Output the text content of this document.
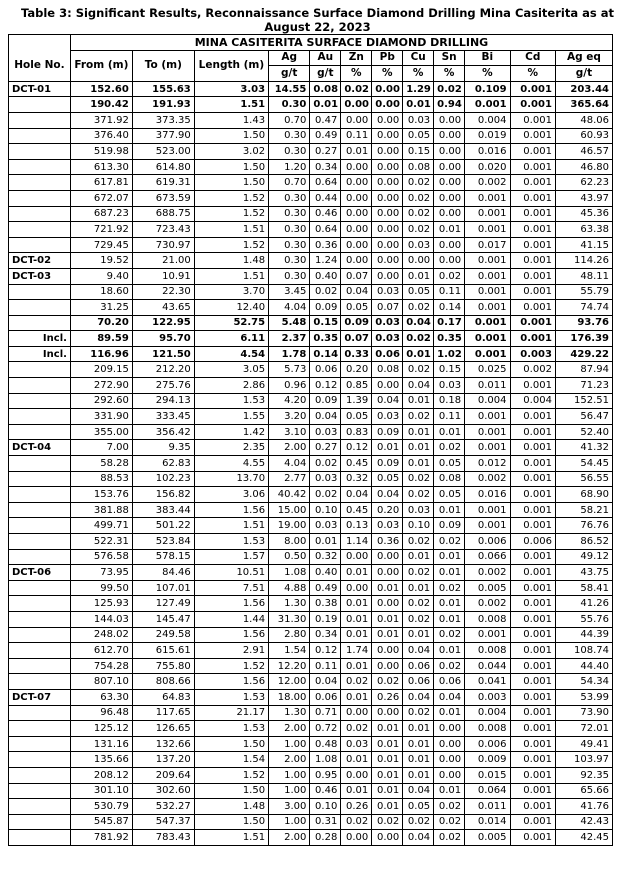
Table 3: Significant Results, Reconnaissance Surface Diamond Drilling Mina Casiterita as at August 22, 2023
	MINA CASITERITA SURFACE DIAMOND DRILLING											
Hole No.	From (m)	To (m)	Length (m)	Ag	Au	Zn	Pb	Cu	Sn	Bi	Cd	Ag eq
				g/t	g/t	%	%	%	%	%	%	g/t
DCT-01	152.60	155.63	3.03	14.55	0.08	0.02	0.00	1.29	0.02	0.109	0.001	203.44
	190.42	191.93	1.51	0.30	0.01	0.00	0.00	0.01	0.94	0.001	0.001	365.64
	371.92	373.35	1.43	0.70	0.47	0.00	0.00	0.03	0.00	0.004	0.001	48.06
	376.40	377.90	1.50	0.30	0.49	0.11	0.00	0.05	0.00	0.019	0.001	60.93
	519.98	523.00	3.02	0.30	0.27	0.01	0.00	0.15	0.00	0.016	0.001	46.57
	613.30	614.80	1.50	1.20	0.34	0.00	0.00	0.08	0.00	0.020	0.001	46.80
	617.81	619.31	1.50	0.70	0.64	0.00	0.00	0.02	0.00	0.002	0.001	62.23
	672.07	673.59	1.52	0.30	0.44	0.00	0.00	0.02	0.00	0.001	0.001	43.97
	687.23	688.75	1.52	0.30	0.46	0.00	0.00	0.02	0.00	0.001	0.001	45.36
	721.92	723.43	1.51	0.30	0.64	0.00	0.00	0.02	0.01	0.001	0.001	63.38
	729.45	730.97	1.52	0.30	0.36	0.00	0.00	0.03	0.00	0.017	0.001	41.15
DCT-02	19.52	21.00	1.48	0.30	1.24	0.00	0.00	0.00	0.00	0.001	0.001	114.26
DCT-03	9.40	10.91	1.51	0.30	0.40	0.07	0.00	0.01	0.02	0.001	0.001	48.11
	18.60	22.30	3.70	3.45	0.02	0.04	0.03	0.05	0.11	0.001	0.001	55.79
	31.25	43.65	12.40	4.04	0.09	0.05	0.07	0.02	0.14	0.001	0.001	74.74
	70.20	122.95	52.75	5.48	0.15	0.09	0.03	0.04	0.17	0.001	0.001	93.76
Incl.	89.59	95.70	6.11	2.37	0.35	0.07	0.03	0.02	0.35	0.001	0.001	176.39
Incl.	116.96	121.50	4.54	1.78	0.14	0.33	0.06	0.01	1.02	0.001	0.003	429.22
	209.15	212.20	3.05	5.73	0.06	0.20	0.08	0.02	0.15	0.025	0.002	87.94
	272.90	275.76	2.86	0.96	0.12	0.85	0.00	0.04	0.03	0.011	0.001	71.23
	292.60	294.13	1.53	4.20	0.09	1.39	0.04	0.01	0.18	0.004	0.004	152.51
	331.90	333.45	1.55	3.20	0.04	0.05	0.03	0.02	0.11	0.001	0.001	56.47
	355.00	356.42	1.42	3.10	0.03	0.83	0.09	0.01	0.01	0.001	0.001	52.40
DCT-04	7.00	9.35	2.35	2.00	0.27	0.12	0.01	0.01	0.02	0.001	0.001	41.32
	58.28	62.83	4.55	4.04	0.02	0.45	0.09	0.01	0.05	0.012	0.001	54.45
	88.53	102.23	13.70	2.77	0.03	0.32	0.05	0.02	0.08	0.002	0.001	56.55
	153.76	156.82	3.06	40.42	0.02	0.04	0.04	0.02	0.05	0.016	0.001	68.90
	381.88	383.44	1.56	15.00	0.10	0.45	0.20	0.03	0.01	0.001	0.001	58.21
	499.71	501.22	1.51	19.00	0.03	0.13	0.03	0.10	0.09	0.001	0.001	76.76
	522.31	523.84	1.53	8.00	0.01	1.14	0.36	0.02	0.02	0.006	0.006	86.52
	576.58	578.15	1.57	0.50	0.32	0.00	0.00	0.01	0.01	0.066	0.001	49.12
DCT-06	73.95	84.46	10.51	1.08	0.40	0.01	0.00	0.02	0.01	0.002	0.001	43.75
	99.50	107.01	7.51	4.88	0.49	0.00	0.01	0.01	0.02	0.005	0.001	58.41
	125.93	127.49	1.56	1.30	0.38	0.01	0.00	0.02	0.01	0.002	0.001	41.26
	144.03	145.47	1.44	31.30	0.19	0.01	0.01	0.02	0.01	0.008	0.001	55.76
	248.02	249.58	1.56	2.80	0.34	0.01	0.01	0.01	0.02	0.001	0.001	44.39
	612.70	615.61	2.91	1.54	0.12	1.74	0.00	0.04	0.01	0.008	0.001	108.74
	754.28	755.80	1.52	12.20	0.11	0.01	0.00	0.06	0.02	0.044	0.001	44.40
	807.10	808.66	1.56	12.00	0.04	0.02	0.02	0.06	0.06	0.041	0.001	54.34
DCT-07	63.30	64.83	1.53	18.00	0.06	0.01	0.26	0.04	0.04	0.003	0.001	53.99
	96.48	117.65	21.17	1.30	0.71	0.00	0.00	0.02	0.01	0.004	0.001	73.90
	125.12	126.65	1.53	2.00	0.72	0.02	0.01	0.01	0.00	0.008	0.001	72.01
	131.16	132.66	1.50	1.00	0.48	0.03	0.01	0.01	0.00	0.006	0.001	49.41
	135.66	137.20	1.54	2.00	1.08	0.01	0.01	0.01	0.00	0.009	0.001	103.97
	208.12	209.64	1.52	1.00	0.95	0.00	0.01	0.01	0.00	0.015	0.001	92.35
	301.10	302.60	1.50	1.00	0.46	0.01	0.01	0.04	0.01	0.064	0.001	65.66
	530.79	532.27	1.48	3.00	0.10	0.26	0.01	0.05	0.02	0.011	0.001	41.76
	545.87	547.37	1.50	1.00	0.31	0.02	0.02	0.02	0.02	0.014	0.001	42.43
	781.92	783.43	1.51	2.00	0.28	0.00	0.00	0.04	0.02	0.005	0.001	42.45
